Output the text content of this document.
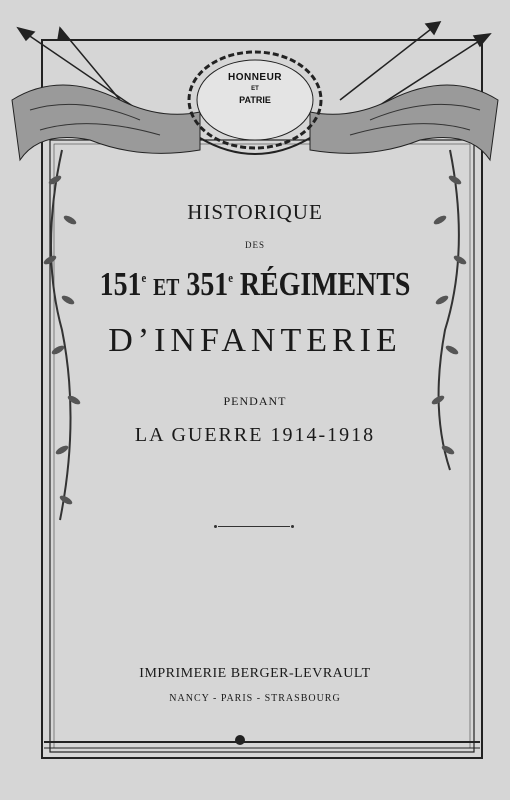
HONNEUR
ET
PATRIE
HISTORIQUE
DES
151e ET 351e RÉGIMENTS
D’INFANTERIE
PENDANT
LA GUERRE 1914-1918
IMPRIMERIE BERGER-LEVRAULT
NANCY - PARIS - STRASBOURG
